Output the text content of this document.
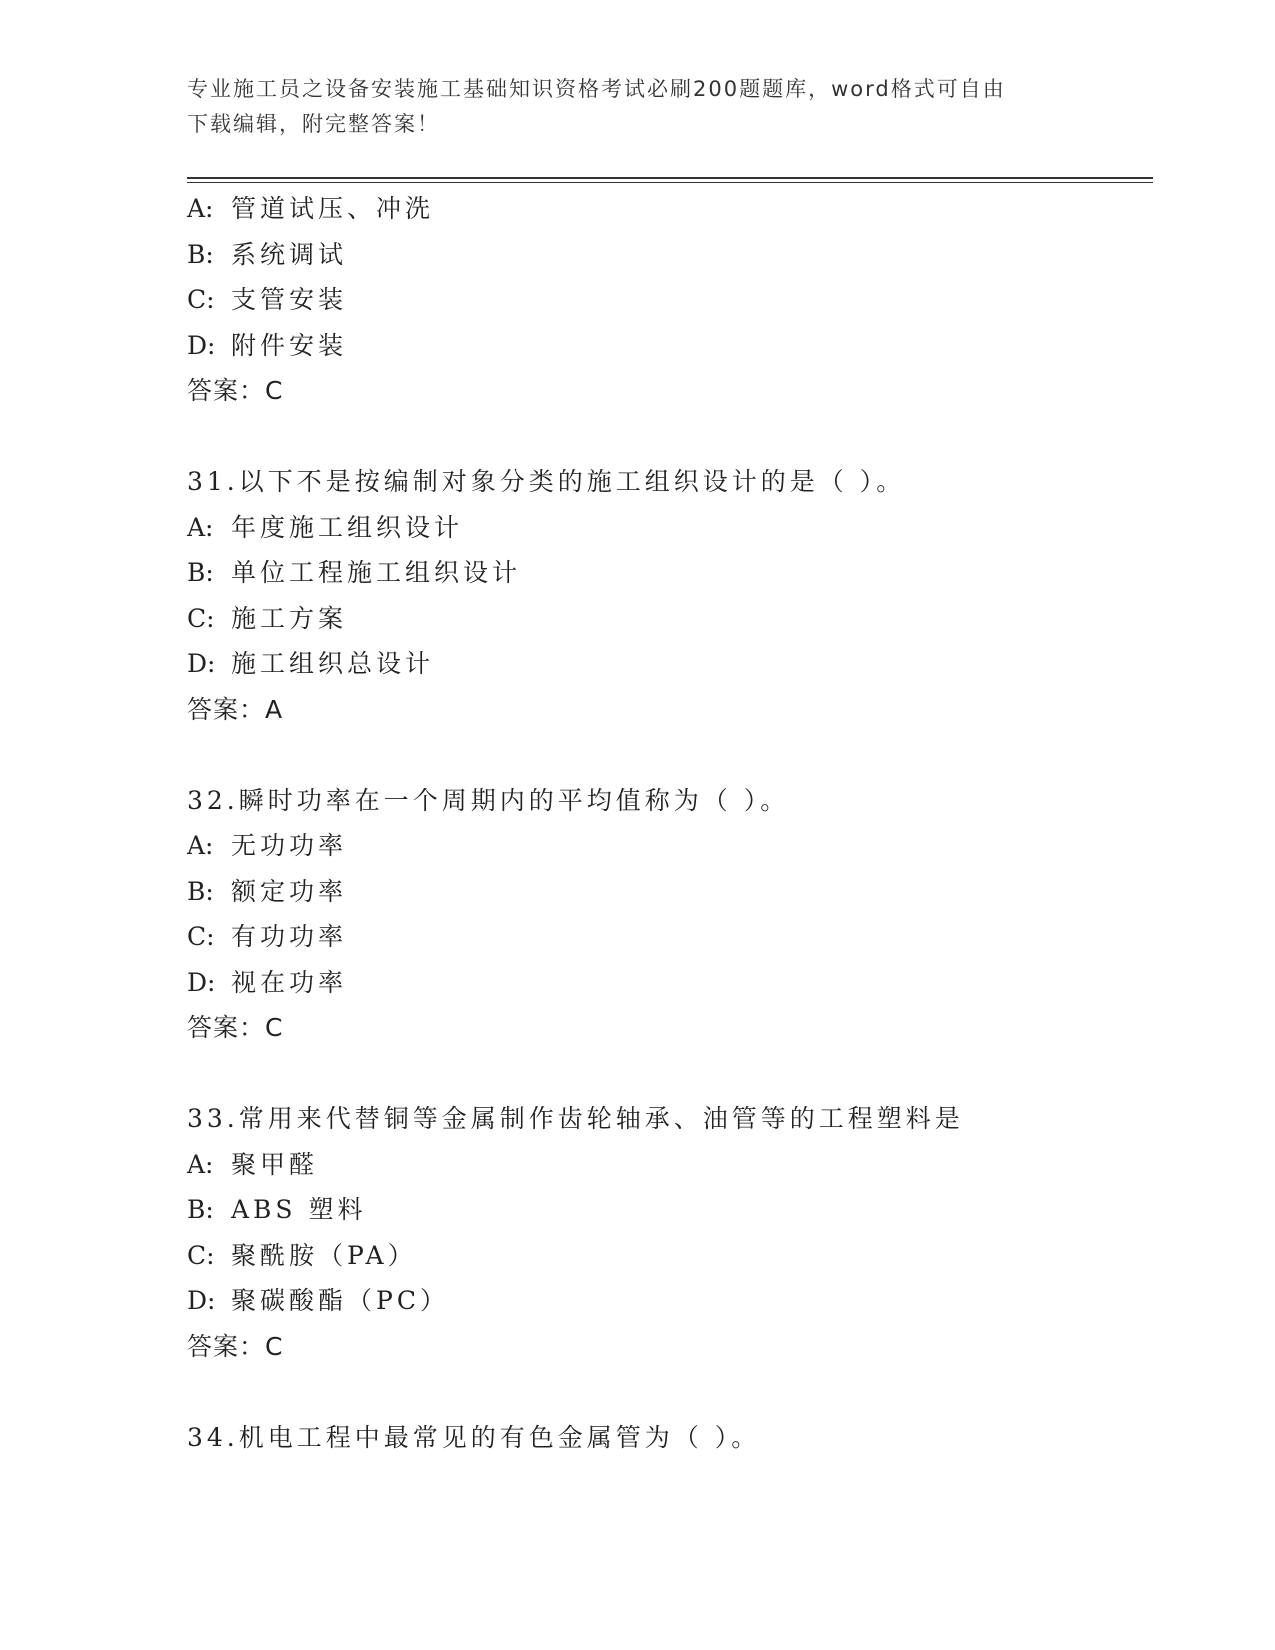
专业施工员之设备安装施工基础知识资格考试必刷200题题库，word格式可自由
下载编辑，附完整答案！
A: 管道试压、冲洗
B: 系统调试
C: 支管安装
D: 附件安装
答案：C
31.以下不是按编制对象分类的施工组织设计的是（ ）。
A: 年度施工组织设计
B: 单位工程施工组织设计
C: 施工方案
D: 施工组织总设计
答案：A
32.瞬时功率在一个周期内的平均值称为（ ）。
A: 无功功率
B: 额定功率
C: 有功功率
D: 视在功率
答案：C
33.常用来代替铜等金属制作齿轮轴承、油管等的工程塑料是
A: 聚甲醛
B: ABS 塑料
C: 聚酰胺（PA）
D: 聚碳酸酯（PC）
答案：C
34.机电工程中最常见的有色金属管为（ ）。
